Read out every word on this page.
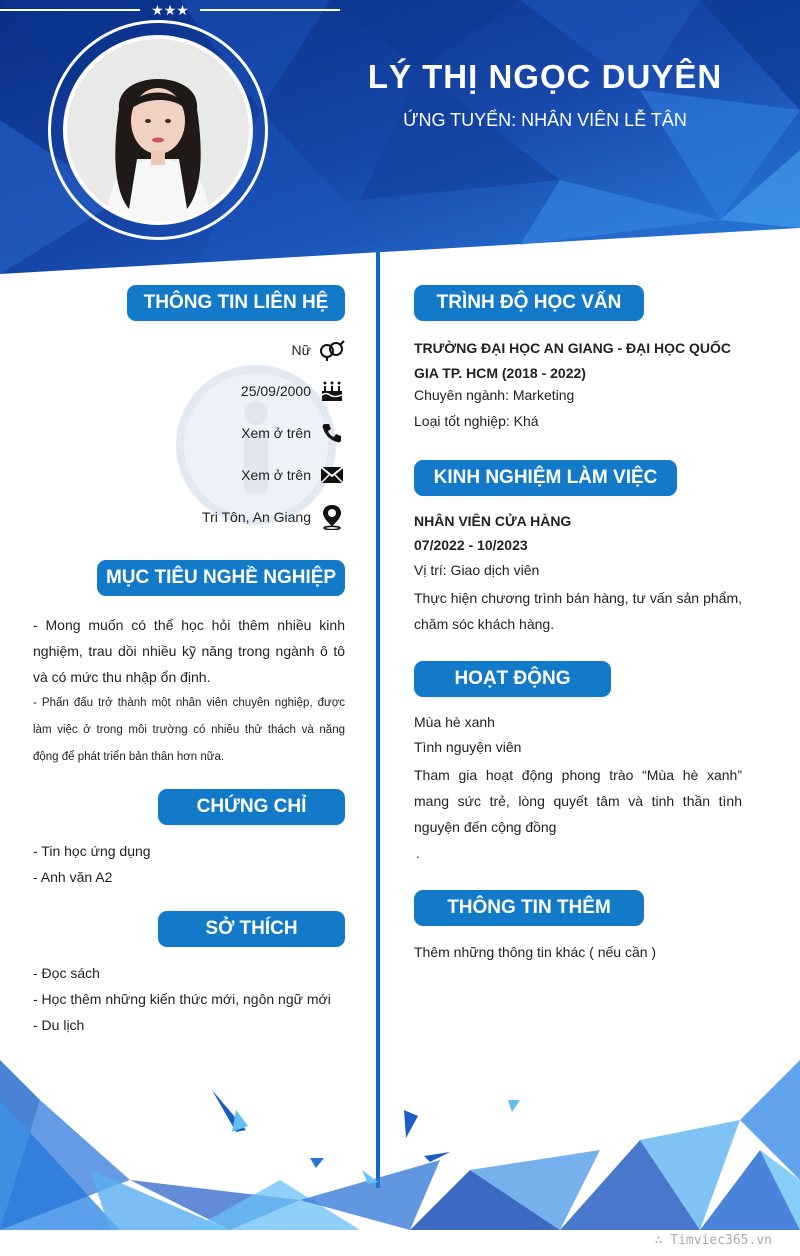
LÝ THỊ NGỌC DUYÊN
ỨNG TUYỂN: NHÂN VIÊN LỄ TÂN
★★★
THÔNG TIN LIÊN HỆ
Nữ
25/09/2000
Xem ở trên
Xem ở trên
Tri Tôn, An Giang
MỤC TIÊU NGHỀ NGHIỆP
- Mong muốn có thể học hỏi thêm nhiều kinh nghiệm, trau dồi nhiều kỹ năng trong ngành ô tô và có mức thu nhập ổn định.
- Phấn đấu trở thành một nhân viên chuyên nghiệp, được làm việc ở trong môi trường có nhiều thử thách và năng động để phát triển bản thân hơn nữa.
CHỨNG CHỈ
- Tin học ứng dụng
- Anh văn A2
SỞ THÍCH
- Đọc sách
- Học thêm những kiến thức mới, ngôn ngữ mới
- Du lịch
TRÌNH ĐỘ HỌC VẤN
TRƯỜNG ĐẠI HỌC AN GIANG - ĐẠI HỌC QUỐC GIA TP. HCM (2018 - 2022)
Chuyên ngành: Marketing
Loại tốt nghiệp: Khá
KINH NGHIỆM LÀM VIỆC
NHÂN VIÊN CỬA HÀNG
07/2022 - 10/2023
Vị trí: Giao dịch viên
Thực hiện chương trình bán hàng, tư vấn sản phẩm, chăm sóc khách hàng.
HOẠT ĐỘNG
Mùa hè xanh
Tình nguyện viên
Tham gia hoạt động phong trào “Mùa hè xanh” mang sức trẻ, lòng quyết tâm và tinh thần tình nguyện đến cộng đồng
.
THÔNG TIN THÊM
Thêm những thông tin khác ( nếu cần )
∴ Timviec365.vn
